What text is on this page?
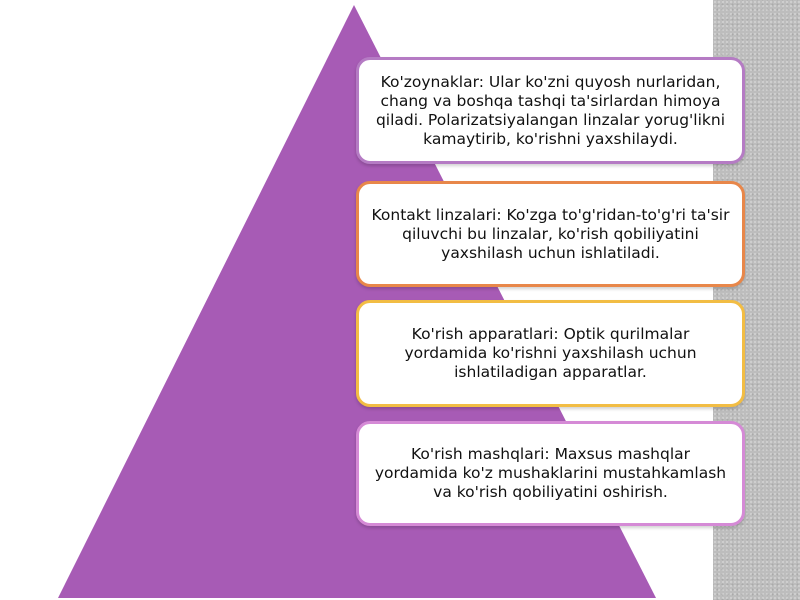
Ko'zoynaklar: Ular ko'zni quyosh nurlaridan, chang va boshqa tashqi ta'sirlardan himoya qiladi. Polarizatsiyalangan linzalar yorug'likni kamaytirib, ko'rishni yaxshilaydi.
Kontakt linzalari: Ko'zga to'g'ridan-to'g'ri ta'sir qiluvchi bu linzalar, ko'rish qobiliyatini yaxshilash uchun ishlatiladi.
Ko'rish apparatlari: Optik qurilmalar yordamida ko'rishni yaxshilash uchun ishlatiladigan apparatlar.
Ko'rish mashqlari: Maxsus mashqlar yordamida ko'z mushaklarini mustahkamlash va ko'rish qobiliyatini oshirish.
